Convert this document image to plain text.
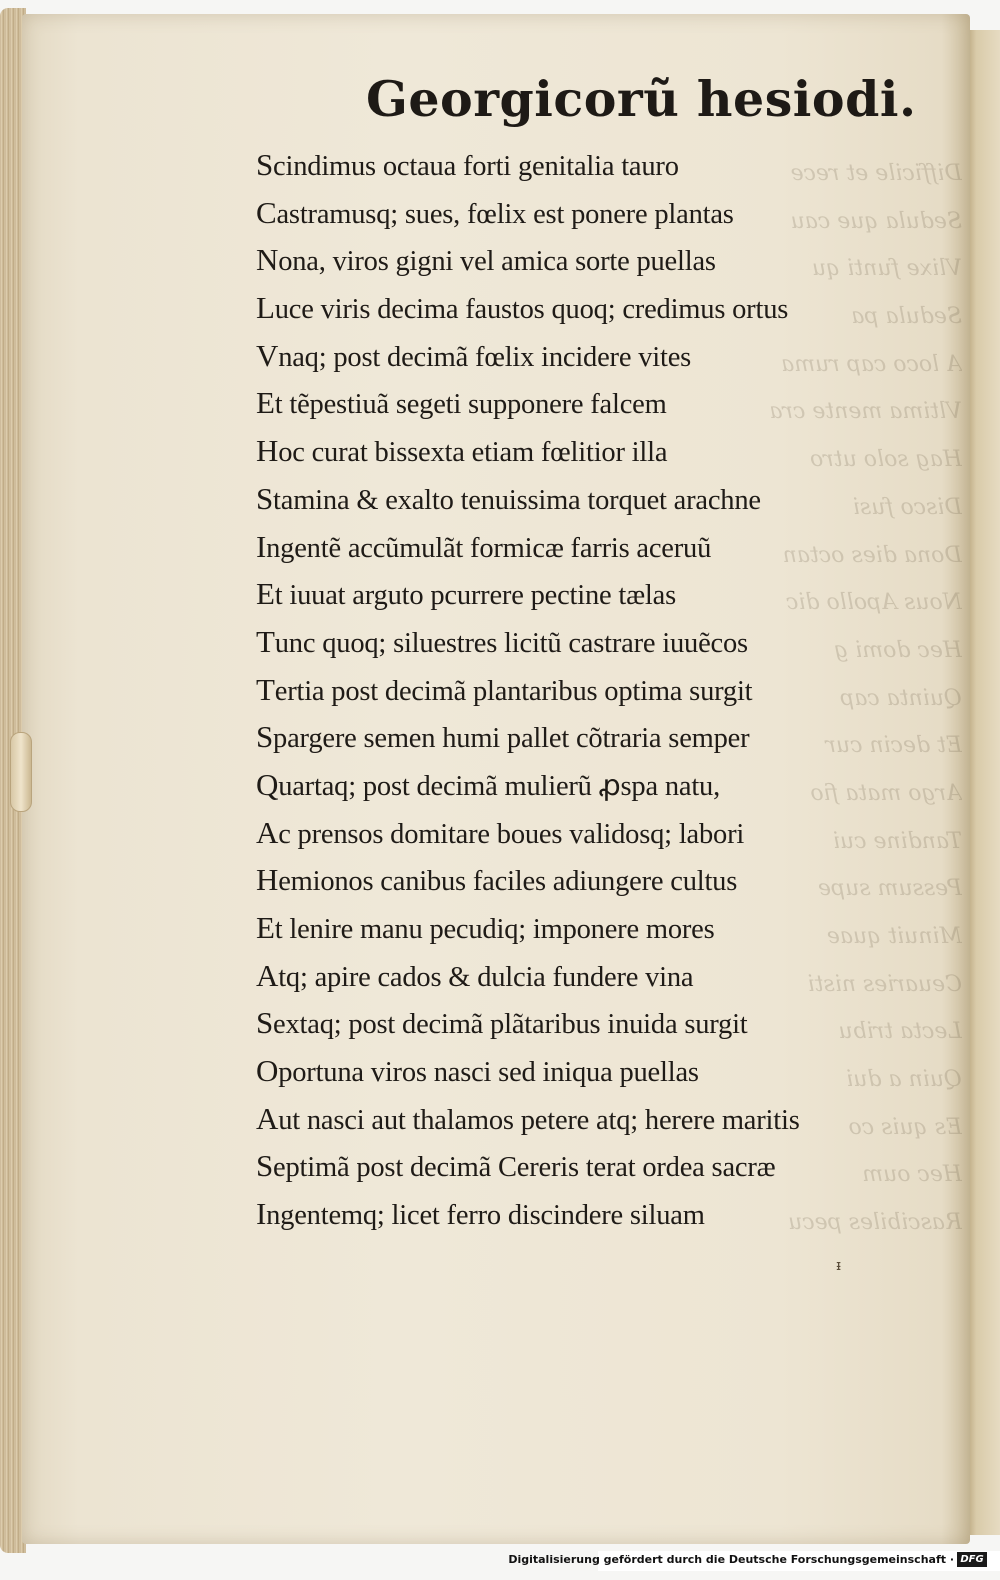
Difficile et rece
Sedula que cau
Vlixe funti qu
Sedula pa
A loco cap ruma
Vltima mente cra
Hag solo utro
Disco fusi
Dona dies octan
Nous Apollo dic
Hec domi g
Quinta cap
Et decin cur
Argo mata fio
Tandine cui
Pessum supe
Minuit quae
Ceuaries nisti
Lecta tribu
Quin a dui
Es quis co
Hec oum
Rascibiles pecu
Georgicorũ hesiodi.
Scindimus octaua forti genitalia tauro
Castramusq; sues, fœlix est ponere plantas
Nona, viros gigni vel amica sorte puellas
Luce viris decima faustos quoq; credimus ortus
Vnaq; post decimã fœlix incidere vites
Et tẽpestiuã segeti supponere falcem
Hoc curat bissexta etiam fœlitior illa
Stamina & exalto tenuissima torquet arachne
Ingentẽ accũmulãt formicæ farris aceruũ
Et iuuat arguto pcurrere pectine tælas
Tunc quoq; siluestres licitũ castrare iuuẽcos
Tertia post decimã plantaribus optima surgit
Spargere semen humi pallet cõtraria semper
Quartaq; post decimã mulierũ ꝓspa natu,
Ac prensos domitare boues validosq; labori
Hemionos canibus faciles adiungere cultus
Et lenire manu pecudiq; imponere mores
Atq; apire cados & dulcia fundere vina
Sextaq; post decimã plãtaribus inuida surgit
Oportuna viros nasci sed iniqua puellas
Aut nasci aut thalamos petere atq; herere maritis
Septimã post decimã Cereris terat ordea sacræ
Ingentemq; licet ferro discindere siluam
ᵻ
Digitalisierung gefördert durch die Deutsche Forschungsgemeinschaft · DFG
